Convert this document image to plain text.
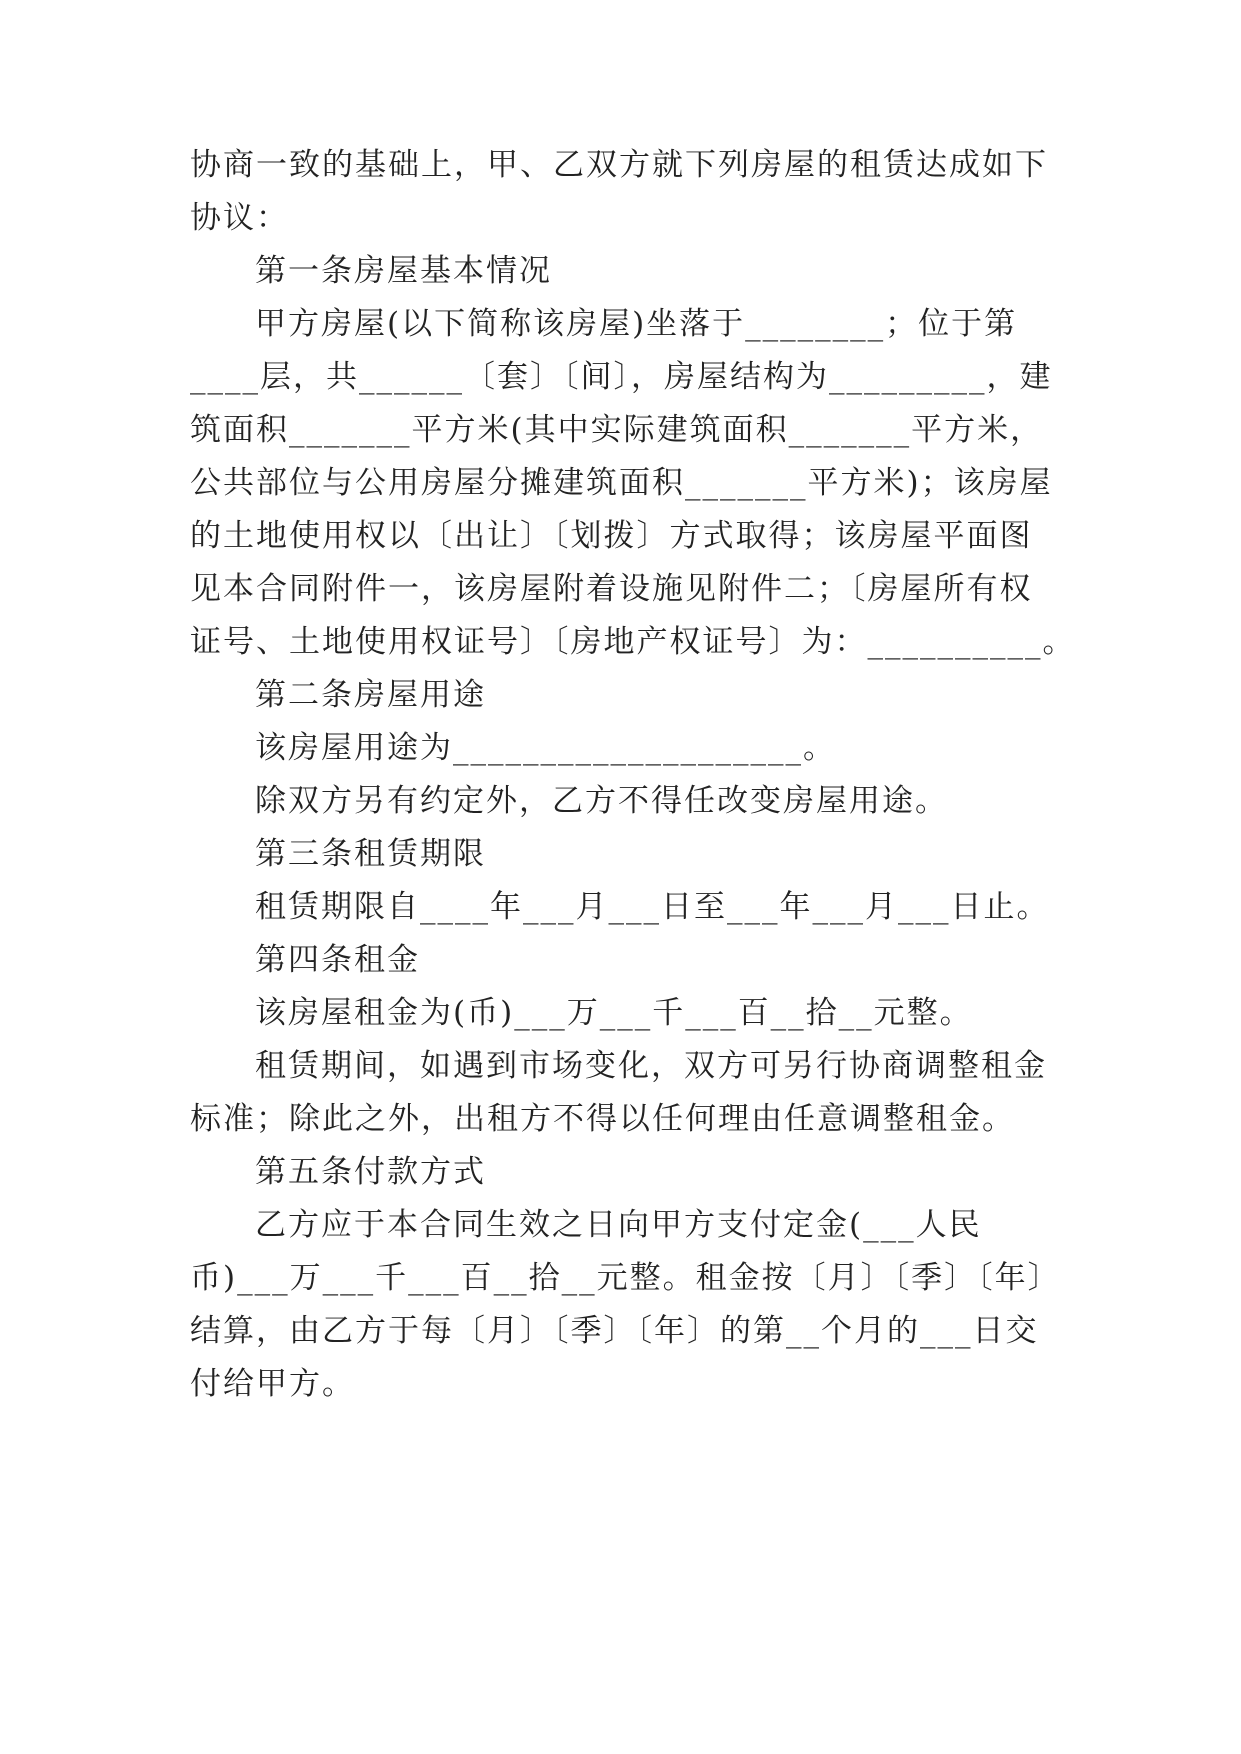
协商一致的基础上，甲、乙双方就下列房屋的租赁达成如下
协议：
第一条房屋基本情况
甲方房屋(以下简称该房屋)坐落于________；位于第
____层，共______〔套〕〔间〕，房屋结构为_________，建
筑面积_______平方米(其中实际建筑面积_______平方米，
公共部位与公用房屋分摊建筑面积_______平方米)；该房屋
的土地使用权以〔出让〕〔划拨〕方式取得；该房屋平面图
见本合同附件一，该房屋附着设施见附件二；〔房屋所有权
证号、土地使用权证号〕〔房地产权证号〕为：__________。
第二条房屋用途
该房屋用途为____________________。
除双方另有约定外，乙方不得任改变房屋用途。
第三条租赁期限
租赁期限自____年___月___日至___年___月___日止。
第四条租金
该房屋租金为(币)___万___千___百__拾__元整。
租赁期间，如遇到市场变化，双方可另行协商调整租金
标准；除此之外，出租方不得以任何理由任意调整租金。
第五条付款方式
乙方应于本合同生效之日向甲方支付定金(___人民
币)___万___千___百__拾__元整。租金按〔月〕〔季〕〔年〕
结算，由乙方于每〔月〕〔季〕〔年〕的第__个月的___日交
付给甲方。
